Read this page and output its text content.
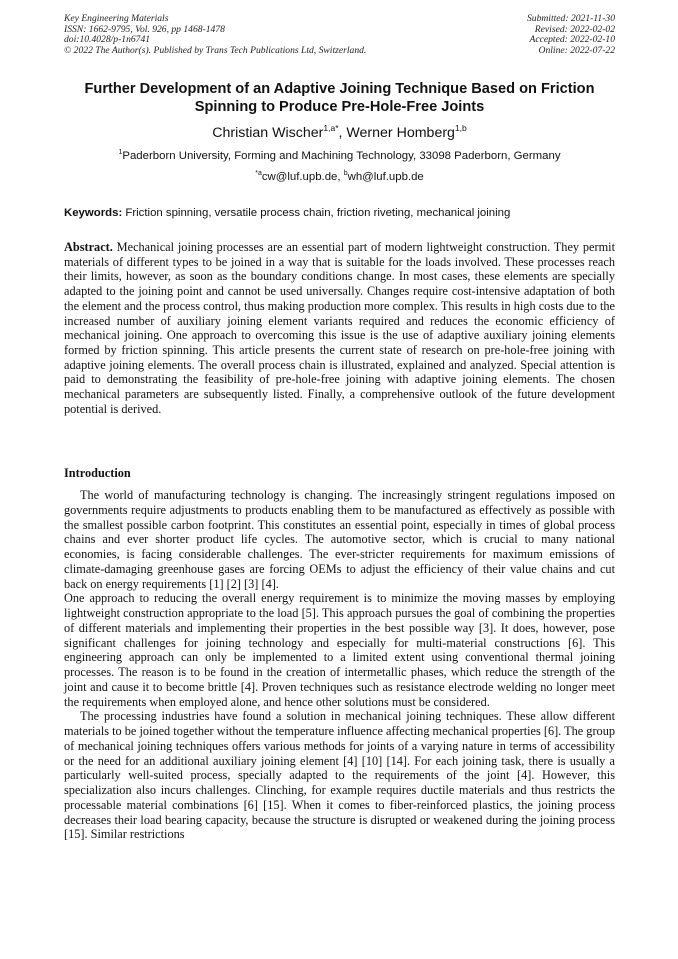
Key Engineering Materials
ISSN: 1662-9795, Vol. 926, pp 1468-1478
doi:10.4028/p-1n6741
© 2022 The Author(s). Published by Trans Tech Publications Ltd, Switzerland.
Submitted: 2021-11-30
Revised: 2022-02-02
Accepted: 2022-02-10
Online: 2022-07-22
Further Development of an Adaptive Joining Technique Based on Friction Spinning to Produce Pre-Hole-Free Joints
Christian Wischer$^{1,a*}$, Werner Homberg$^{1,b}$
$^1$Paderborn University, Forming and Machining Technology, 33098 Paderborn, Germany
$^{*a}$cw@luf.upb.de, $^b$wh@luf.upb.de
Keywords: Friction spinning, versatile process chain, friction riveting, mechanical joining
Abstract. Mechanical joining processes are an essential part of modern lightweight construction. They permit materials of different types to be joined in a way that is suitable for the loads involved. These processes reach their limits, however, as soon as the boundary conditions change. In most cases, these elements are specially adapted to the joining point and cannot be used universally. Changes require cost-intensive adaptation of both the element and the process control, thus making production more complex. This results in high costs due to the increased number of auxiliary joining element variants required and reduces the economic efficiency of mechanical joining. One approach to overcoming this issue is the use of adaptive auxiliary joining elements formed by friction spinning. This article presents the current state of research on pre-hole-free joining with adaptive joining elements. The overall process chain is illustrated, explained and analyzed. Special attention is paid to demonstrating the feasibility of pre-hole-free joining with adaptive joining elements. The chosen mechanical parameters are subsequently listed. Finally, a comprehensive outlook of the future development potential is derived.
Introduction

The world of manufacturing technology is changing. The increasingly stringent regulations imposed on governments require adjustments to products enabling them to be manufactured as effectively as possible with the smallest possible carbon footprint. This constitutes an essential point, especially in times of global process chains and ever shorter product life cycles. The automotive sector, which is crucial to many national economies, is facing considerable challenges. The ever-stricter requirements for maximum emissions of climate-damaging greenhouse gases are forcing OEMs to adjust the efficiency of their value chains and cut back on energy requirements [1] [2] [3] [4].

One approach to reducing the overall energy requirement is to minimize the moving masses by employing lightweight construction appropriate to the load [5]. This approach pursues the goal of combining the properties of different materials and implementing their properties in the best possible way [3]. It does, however, pose significant challenges for joining technology and especially for multi-material constructions [6]. This engineering approach can only be implemented to a limited extent using conventional thermal joining processes. The reason is to be found in the creation of intermetallic phases, which reduce the strength of the joint and cause it to become brittle [4]. Proven techniques such as resistance electrode welding no longer meet the requirements when employed alone, and hence other solutions must be considered.

The processing industries have found a solution in mechanical joining techniques. These allow different materials to be joined together without the temperature influence affecting mechanical properties [6]. The group of mechanical joining techniques offers various methods for joints of a varying nature in terms of accessibility or the need for an additional auxiliary joining element [4] [10] [14]. For each joining task, there is usually a particularly well-suited process, specially adapted to the requirements of the joint [4]. However, this specialization also incurs challenges. Clinching, for example requires ductile materials and thus restricts the processable material combinations [6] [15]. When it comes to fiber-reinforced plastics, the joining process decreases their load bearing capacity, because the structure is disrupted or weakened during the joining process [15]. Similar restrictions
